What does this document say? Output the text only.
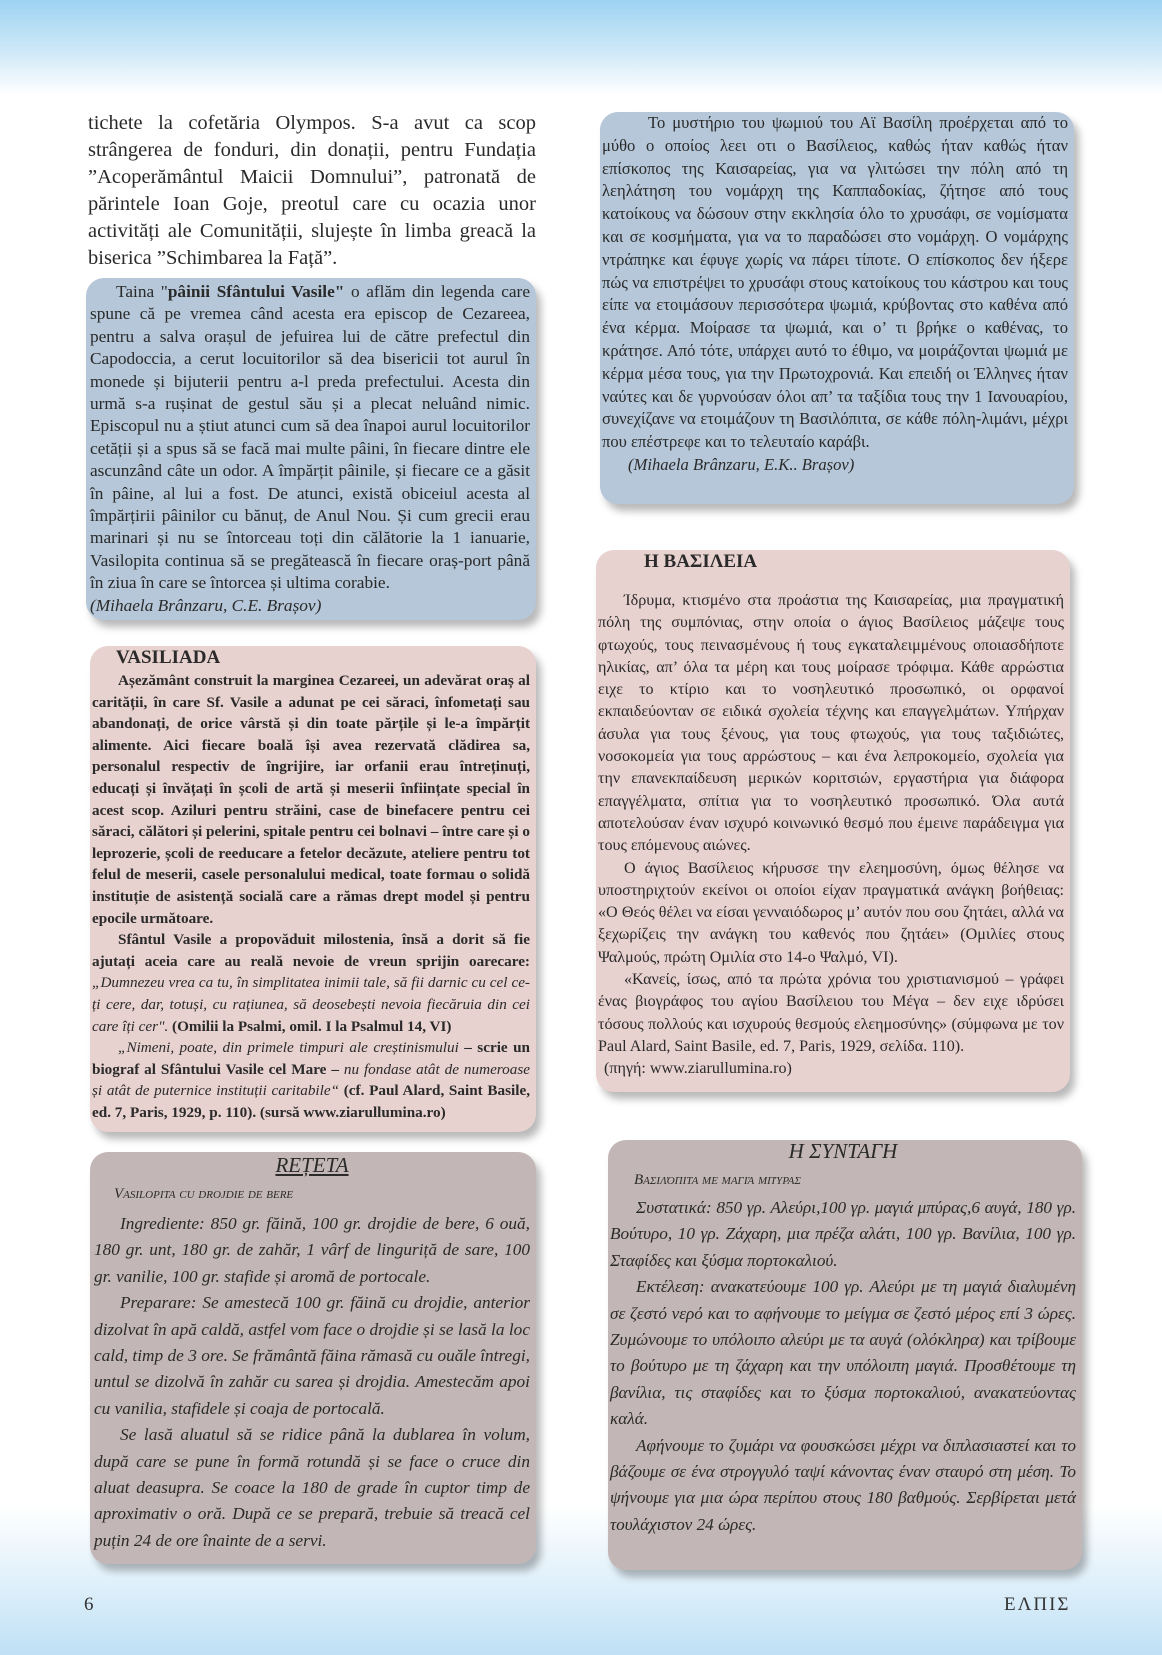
tichete la cofetăria Olympos. S-a avut ca scop strângerea de fonduri, din donații, pentru Fundația ”Acoperământul Maicii Domnului”, patronată de părintele Ioan Goje, preotul care cu ocazia unor activități ale Comunității, slujește în limba greacă la biserica ”Schimbarea la Față”.

Taina "pâinii Sfântului Vasile" o aflăm din legenda care spune că pe vremea când acesta era episcop de Cezareea, pentru a salva orașul de jefuirea lui de către prefectul din Capodoccia, a cerut locuitorilor să dea bisericii tot aurul în monede și bijuterii pentru a-l preda prefectului. Acesta din urmă s-a rușinat de gestul său și a plecat neluând nimic. Episcopul nu a știut atunci cum să dea înapoi aurul locuitorilor cetății și a spus să se facă mai multe pâini, în fiecare dintre ele ascunzând câte un odor. A împărțit pâinile, și fiecare ce a găsit în pâine, al lui a fost. De atunci, există obiceiul acesta al împărțirii pâinilor cu bănuț, de Anul Nou. Și cum grecii erau marinari și nu se întorceau toți din călătorie la 1 ianuarie, Vasilopita continua să se pregătească în fiecare oraș-port până în ziua în care se întorcea și ultima corabie.

(Mihaela Brânzaru, C.E. Brașov)

VASILIADA

Așezământ construit la marginea Cezareei, un adevărat oraș al carității, în care Sf. Vasile a adunat pe cei săraci, înfometați sau abandonați, de orice vârstă și din toate părțile și le-a împărțit alimente. Aici fiecare boală își avea rezervată clădirea sa, personalul respectiv de îngrijire, iar orfanii erau întreținuți, educați și învățați în școli de artă și meserii înființate special în acest scop. Aziluri pentru străini, case de binefacere pentru cei săraci, călători și pelerini, spitale pentru cei bolnavi – între care și o leprozerie, școli de reeducare a fetelor decăzute, ateliere pentru tot felul de meserii, casele personalului medical, toate formau o solidă instituție de asistență socială care a rămas drept model și pentru epocile următoare.

Sfântul Vasile a propovăduit milostenia, însă a dorit să fie ajutați aceia care au reală nevoie de vreun sprijin oarecare: „Dumnezeu vrea ca tu, în simplitatea inimii tale, să fii darnic cu cel ce-ți cere, dar, totuși, cu rațiunea, să deosebești nevoia fiecăruia din cei care îți cer". (Omilii la Psalmi, omil. I la Psalmul 14, VI)

„Nimeni, poate, din primele timpuri ale creștinismului – scrie un biograf al Sfântului Vasile cel Mare – nu fondase atât de numeroase și atât de puternice instituții caritabile“ (cf. Paul Alard, Saint Basile, ed. 7, Paris, 1929, p. 110). (sursă www.ziarullumina.ro)

REȚETA
Vasilopita cu drojdie de bere

Ingrediente: 850 gr. făină, 100 gr. drojdie de bere, 6 ouă, 180 gr. unt, 180 gr. de zahăr, 1 vârf de linguriță de sare, 100 gr. vanilie, 100 gr. stafide și aromă de portocale.

Preparare: Se amestecă 100 gr. făină cu drojdie, anterior dizolvat în apă caldă, astfel vom face o drojdie și se lasă la loc cald, timp de 3 ore. Se frământă făina rămasă cu ouăle întregi, untul se dizolvă în zahăr cu sarea și drojdia. Amestecăm apoi cu vanilia, stafidele și coaja de portocală.

Se lasă aluatul să se ridice până la dublarea în volum, după care se pune în formă rotundă și se face o cruce din aluat deasupra. Se coace la 180 de grade în cuptor timp de aproximativ o oră. După ce se prepară, trebuie să treacă cel puțin 24 de ore înainte de a servi.

Το μυστήριο του ψωμιού του Αϊ Βασίλη προέρχεται από το μύθο ο οποίος λεει οτι ο Βασίλειος, καθώς ήταν καθώς ήταν επίσκοπος της Καισαρείας, για να γλιτώσει την πόλη από τη λεηλάτηση του νομάρχη της Καππαδοκίας, ζήτησε από τους κατοίκους να δώσουν στην εκκλησία όλο το χρυσάφι, σε νομίσματα και σε κοσμήματα, για να το παραδώσει στο νομάρχη. Ο νομάρχης ντράπηκε και έφυγε χωρίς να πάρει τίποτε. Ο επίσκοπος δεν ήξερε πώς να επιστρέψει το χρυσάφι στους κατοίκους του κάστρου και τους είπε να ετοιμάσουν περισσότερα ψωμιά, κρύβοντας στο καθένα από ένα κέρμα. Μοίρασε τα ψωμιά, και ο’ τι βρήκε ο καθένας, το κράτησε. Από τότε, υπάρχει αυτό το έθιμο, να μοιράζονται ψωμιά με κέρμα μέσα τους, για την Πρωτοχρονιά. Και επειδή οι Έλληνες ήταν ναύτες και δε γυρνούσαν όλοι απ’ τα ταξίδια τους την 1 Ιανουαρίου, συνεχίζανε να ετοιμάζουν τη Βασιλόπιτα, σε κάθε πόλη-λιμάνι, μέχρι που επέστρεφε και το τελευταίο καράβι.

(Mihaela Brânzaru, E.K.. Brașov)

Η ΒΑΣΙΛΕΙΑ

Ίδρυμα, κτισμένο στα προάστια της Καισαρείας, μια πραγματική πόλη της συμπόνιας, στην οποία ο άγιος Βασίλειος μάζεψε τους φτωχούς, τους πεινασμένους ή τους εγκαταλειμμένους οποιασδήποτε ηλικίας, απ’ όλα τα μέρη και τους μοίρασε τρόφιμα. Κάθε αρρώστια ειχε το κτίριο και το νοσηλευτικό προσωπικό, οι ορφανοί εκπαιδεύονταν σε ειδικά σχολεία τέχνης και επαγγελμάτων. Υπήρχαν άσυλα για τους ξένους, για τους φτωχούς, για τους ταξιδιώτες, νοσοκομεία για τους αρρώστους – και ένα λεπροκομείο, σχολεία για την επανεκπαίδευση μερικών κοριτσιών, εργαστήρια για διάφορα επαγγέλματα, σπίτια για το νοσηλευτικό προσωπικό. Όλα αυτά αποτελούσαν έναν ισχυρό κοινωνικό θεσμό που έμεινε παράδειγμα για τους επόμενους αιώνες.

Ο άγιος Βασίλειος κήρυσσε την ελεημοσύνη, όμως θέλησε να υποστηριχτούν εκείνοι οι οποίοι είχαν πραγματικά ανάγκη βοήθειας: «Ο Θεός θέλει να είσαι γενναιόδωρος μ’ αυτόν που σου ζητάει, αλλά να ξεχωρίζεις την ανάγκη του καθενός που ζητάει» (Ομιλίες στους Ψαλμούς, πρώτη Ομιλία στο 14-ο Ψαλμό, VI).

«Κανείς, ίσως, από τα πρώτα χρόνια του χριστιανισμού – γράφει ένας βιογράφος του αγίου Βασίλειου του Μέγα – δεν ειχε ιδρύσει τόσους πολλούς και ισχυρούς θεσμούς ελεημοσύνης» (σύμφωνα με τον Paul Alard, Saint Basile, ed. 7, Paris, 1929, σελίδα. 110).

(πηγή: www.ziarullumina.ro)

Η ΣΥΝΤΑΓΗ
Βασιλόπιτα με μαγιά μπύρας

Συστατικά: 850 γρ. Αλεύρι,100 γρ. μαγιά μπύρας,6 αυγά, 180 γρ. Βούτυρο, 10 γρ. Ζάχαρη, μια πρέζα αλάτι, 100 γρ. Βανίλια, 100 γρ. Σταφίδες και ξύσμα πορτοκαλιού.

Εκτέλεση: ανακατεύουμε 100 γρ. Αλεύρι με τη μαγιά διαλυμένη σε ζεστό νερό και το αφήνουμε το μείγμα σε ζεστό μέρος επί 3 ώρες. Ζυμώνουμε το υπόλοιπο αλεύρι με τα αυγά (ολόκληρα) και τρίβουμε το βούτυρο με τη ζάχαρη και την υπόλοιπη μαγιά. Προσθέτουμε τη βανίλια, τις σταφίδες και το ξύσμα πορτοκαλιού, ανακατεύοντας καλά.

Αφήνουμε το ζυμάρι να φουσκώσει μέχρι να διπλασιαστεί και το βάζουμε σε ένα στρογγυλό ταψί κάνοντας έναν σταυρό στη μέση. Το ψήνουμε για μια ώρα περίπου στους 180 βαθμούς. Σερβίρεται μετά τουλάχιστον 24 ώρες.

6	ΕΛΠΙΣ
